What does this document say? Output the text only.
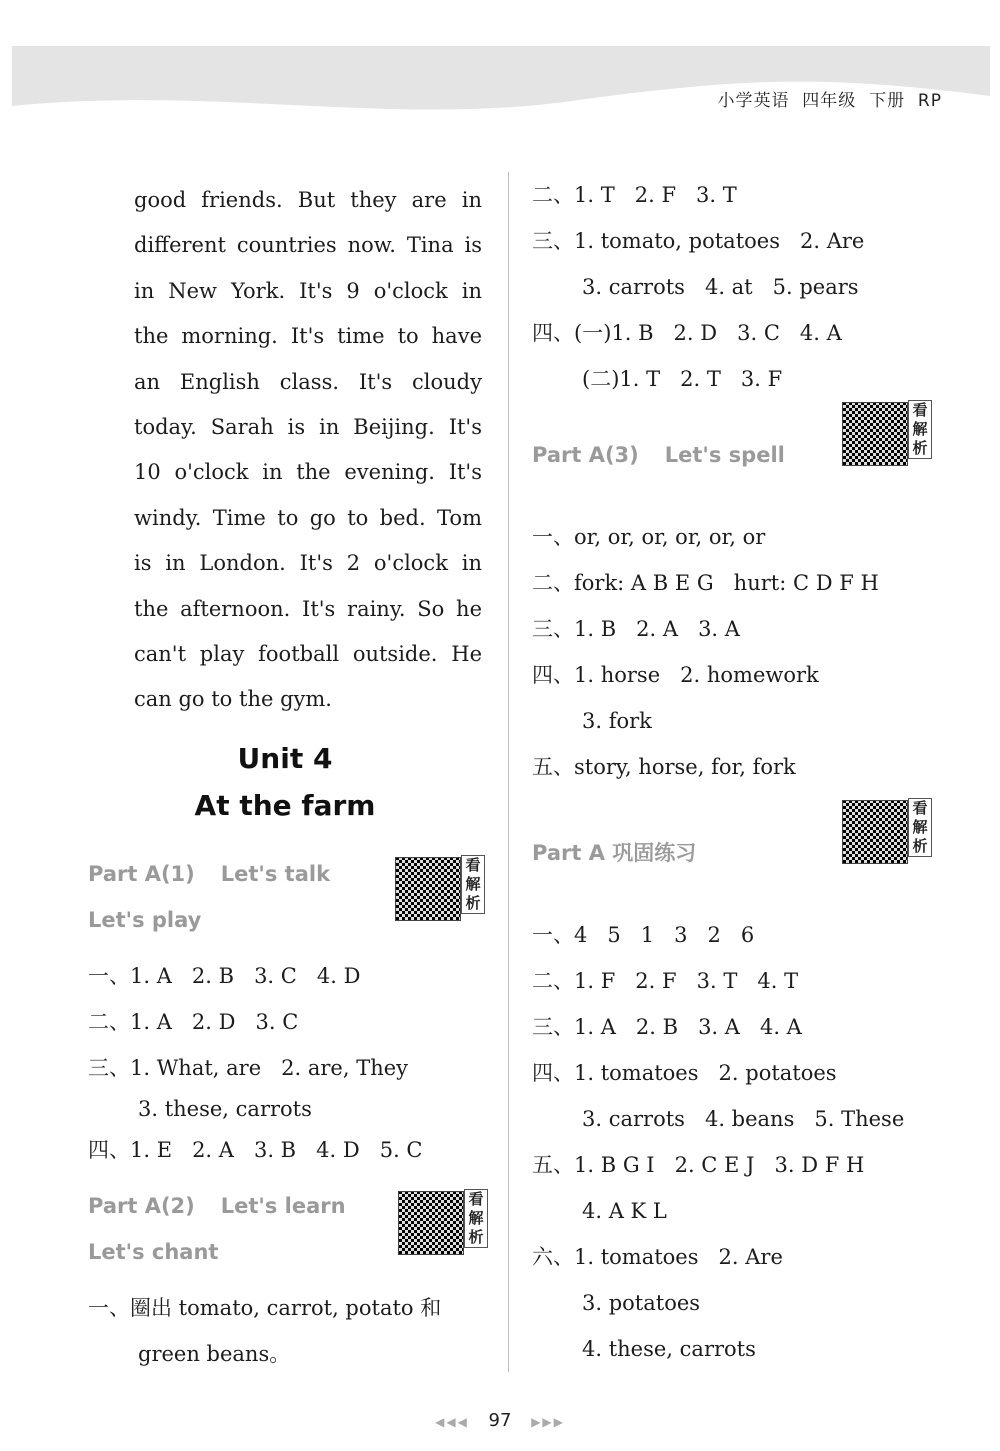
小学英语  四年级  下册  RP
good friends. But they are in
different countries now. Tina is
in New York. It's 9 o'clock in
the morning. It's time to have
an English class. It's cloudy
today. Sarah is in Beijing. It's
10 o'clock in the evening. It's
windy. Time to go to bed. Tom
is in London. It's 2 o'clock in
the afternoon. It's rainy. So he
can't play football outside. He
can go to the gym.
Unit 4
At the farm
Part A(1) Let's talk
Let's play
看解析
一、1. A   2. B   3. C   4. D
二、1. A   2. D   3. C
三、1. What, are   2. are, They
3. these, carrots
四、1. E   2. A   3. B   4. D   5. C
Part A(2) Let's learn
Let's chant
看解析
一、圈出 tomato, carrot, potato 和
green beans。
二、1. T   2. F   3. T
三、1. tomato, potatoes   2. Are
3. carrots   4. at   5. pears
四、(一)1. B   2. D   3. C   4. A
(二)1. T   2. T   3. F
Part A(3) Let's spell
看解析
一、or, or, or, or, or, or
二、fork: A B E G   hurt: C D F H
三、1. B   2. A   3. A
四、1. horse   2. homework
3. fork
五、story, horse, for, fork
Part A 巩固练习
看解析
一、4   5   1   3   2   6
二、1. F   2. F   3. T   4. T
三、1. A   2. B   3. A   4. A
四、1. tomatoes   2. potatoes
3. carrots   4. beans   5. These
五、1. B G I   2. C E J   3. D F H
4. A K L
六、1. tomatoes   2. Are
3. potatoes
4. these, carrots
◀◀◀ 97 ▶▶▶
